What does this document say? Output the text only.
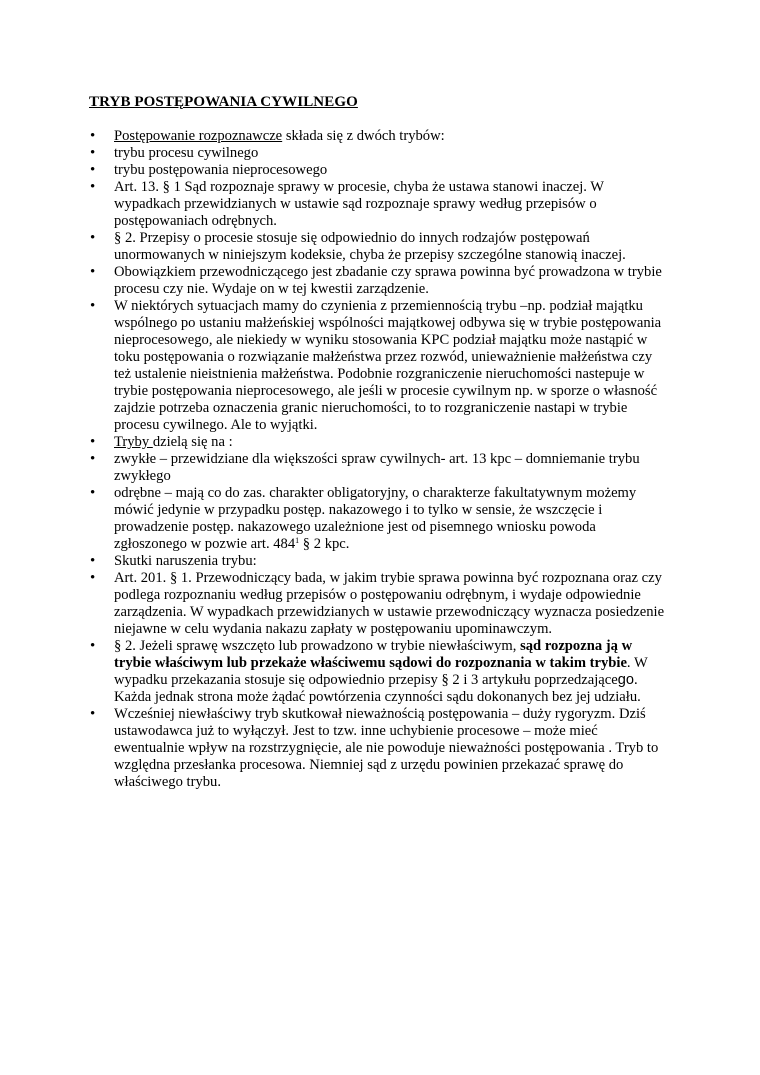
TRYB POSTĘPOWANIA CYWILNEGO
• Postępowanie rozpoznawcze składa się z dwóch trybów:
• trybu procesu cywilnego
• trybu postępowania nieprocesowego
• Art. 13. § 1 Sąd rozpoznaje sprawy w procesie, chyba że ustawa stanowi inaczej. W wypadkach przewidzianych w ustawie sąd rozpoznaje sprawy według przepisów o postępowaniach odrębnych.
• § 2. Przepisy o procesie stosuje się odpowiednio do innych rodzajów postępowań unormowanych w niniejszym kodeksie, chyba że przepisy szczególne stanowią inaczej.
• Obowiązkiem przewodniczącego jest zbadanie czy sprawa powinna być prowadzona w trybie procesu czy nie. Wydaje on w tej kwestii zarządzenie.
• W niektórych sytuacjach mamy do czynienia z przemiennością trybu –np. podział majątku wspólnego po ustaniu małżeńskiej wspólności majątkowej odbywa się w trybie postępowania nieprocesowego, ale niekiedy w wyniku stosowania KPC podział majątku może nastąpić w toku postępowania o rozwiązanie małżeństwa przez rozwód, unieważnienie małżeństwa czy też ustalenie nieistnienia małżeństwa. Podobnie rozgraniczenie nieruchomości nastepuje w trybie postępowania nieprocesowego, ale jeśli w procesie cywilnym np. w sporze o własność zajdzie potrzeba oznaczenia granic nieruchomości, to to rozgraniczenie nastapi w trybie procesu cywilnego. Ale to wyjątki.
• Tryby dzielą się na :
• zwykłe – przewidziane dla większości spraw cywilnych- art. 13 kpc – domniemanie trybu zwykłego
• odrębne – mają co do zas. charakter obligatoryjny, o charakterze fakultatywnym możemy mówić jedynie w przypadku postęp. nakazowego i to tylko w sensie, że wszczęcie i prowadzenie postęp. nakazowego uzależnione jest od pisemnego wniosku powoda zgłoszonego w pozwie art. $484^1$ § 2 kpc.
• Skutki naruszenia trybu:
• Art. 201. § 1. Przewodniczący bada, w jakim trybie sprawa powinna być rozpoznana oraz czy podlega rozpoznaniu według przepisów o postępowaniu odrębnym, i wydaje odpowiednie zarządzenia. W wypadkach przewidzianych w ustawie przewodniczący wyznacza posiedzenie niejawne w celu wydania nakazu zapłaty w postępowaniu upominawczym.
• § 2. Jeżeli sprawę wszczęto lub prowadzono w trybie niewłaściwym, sąd rozpozna ją w trybie właściwym lub przekaże właściwemu sądowi do rozpoznania w takim trybie. W wypadku przekazania stosuje się odpowiednio przepisy § 2 i 3 artykułu poprzedzającego. Każda jednak strona może żądać powtórzenia czynności sądu dokonanych bez jej udziału.
• Wcześniej niewłaściwy tryb skutkował nieważnością postępowania – duży rygoryzm. Dziś ustawodawca już to wyłączył. Jest to tzw. inne uchybienie procesowe – może mieć ewentualnie wpływ na rozstrzygnięcie, ale nie powoduje nieważności postępowania . Tryb to względna przesłanka procesowa. Niemniej sąd z urzędu powinien przekazać sprawę do właściwego trybu.
